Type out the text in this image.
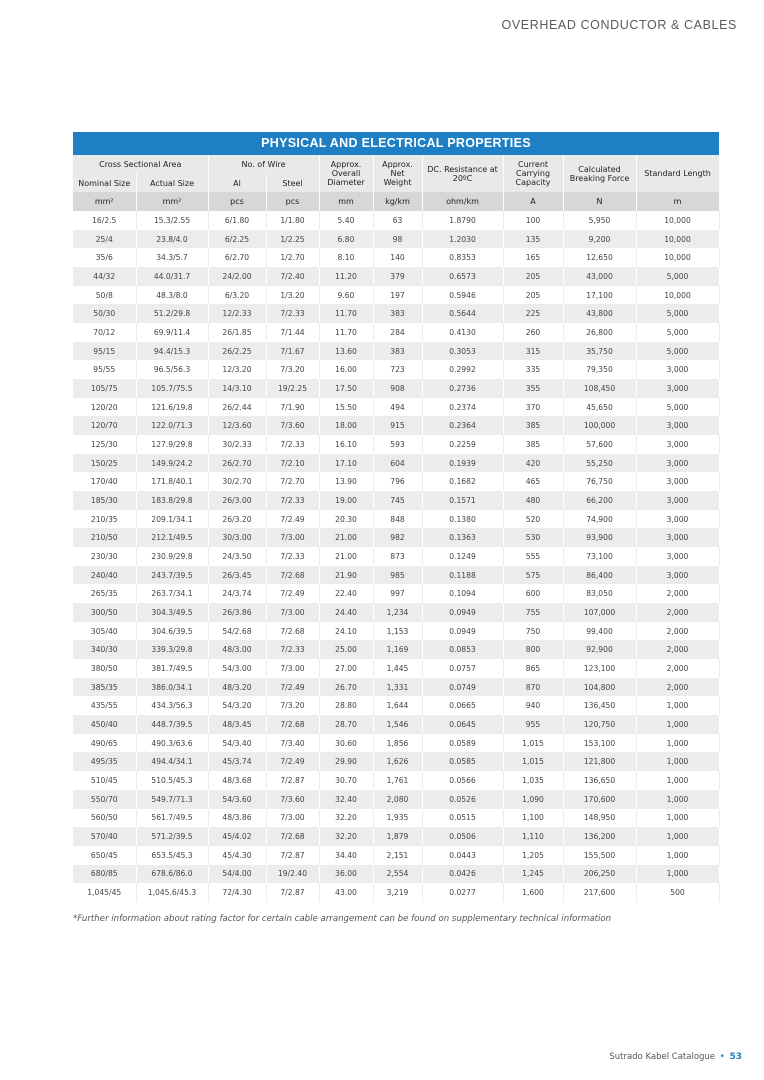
OVERHEAD CONDUCTOR & CABLES
PHYSICAL AND ELECTRICAL PROPERTIES
Cross Sectional Area		No. of Wire		Approx. Overall Diameter	Approx. Net Weight	DC. Resistance at 20ºC	Current Carrying Capacity	Calculated Breaking Force	Standard Length
Nominal Size	Actual Size	Al	Steel						
mm²	mm²	pcs	pcs	mm	kg/km	ohm/km	A	N	m
16/2.5	15.3/2.55	6/1.80	1/1.80	5.40	63	1.8790	100	5,950	10,000
25/4	23.8/4.0	6/2.25	1/2.25	6.80	98	1.2030	135	9,200	10,000
35/6	34.3/5.7	6/2.70	1/2.70	8.10	140	0.8353	165	12,650	10,000
44/32	44.0/31.7	24/2.00	7/2.40	11.20	379	0.6573	205	43,000	5,000
50/8	48.3/8.0	6/3.20	1/3.20	9.60	197	0.5946	205	17,100	10,000
50/30	51.2/29.8	12/2.33	7/2.33	11.70	383	0.5644	225	43,800	5,000
70/12	69.9/11.4	26/1.85	7/1.44	11.70	284	0.4130	260	26,800	5,000
95/15	94.4/15.3	26/2.25	7/1.67	13.60	383	0.3053	315	35,750	5,000
95/55	96.5/56.3	12/3.20	7/3.20	16.00	723	0.2992	335	79,350	3,000
105/75	105.7/75.5	14/3.10	19/2.25	17.50	908	0.2736	355	108,450	3,000
120/20	121.6/19.8	26/2.44	7/1.90	15.50	494	0.2374	370	45,650	5,000
120/70	122.0/71.3	12/3.60	7/3.60	18.00	915	0.2364	385	100,000	3,000
125/30	127.9/29.8	30/2.33	7/2.33	16.10	593	0.2259	385	57,600	3,000
150/25	149.9/24.2	26/2.70	7/2.10	17.10	604	0.1939	420	55,250	3,000
170/40	171.8/40.1	30/2.70	7/2.70	13.90	796	0.1682	465	76,750	3,000
185/30	183.8/29.8	26/3.00	7/2.33	19.00	745	0.1571	480	66,200	3,000
210/35	209.1/34.1	26/3.20	7/2.49	20.30	848	0.1380	520	74,900	3,000
210/50	212.1/49.5	30/3.00	7/3.00	21.00	982	0.1363	530	93,900	3,000
230/30	230.9/29.8	24/3.50	7/2.33	21.00	873	0.1249	555	73,100	3,000
240/40	243.7/39.5	26/3.45	7/2.68	21.90	985	0.1188	575	86,400	3,000
265/35	263.7/34.1	24/3.74	7/2.49	22.40	997	0.1094	600	83,050	2,000
300/50	304.3/49.5	26/3.86	7/3.00	24.40	1,234	0.0949	755	107,000	2,000
305/40	304.6/39.5	54/2.68	7/2.68	24.10	1,153	0.0949	750	99,400	2,000
340/30	339.3/29.8	48/3.00	7/2.33	25.00	1,169	0.0853	800	92,900	2,000
380/50	381.7/49.5	54/3.00	7/3.00	27.00	1,445	0.0757	865	123,100	2,000
385/35	386.0/34.1	48/3.20	7/2.49	26.70	1,331	0.0749	870	104,800	2,000
435/55	434.3/56.3	54/3.20	7/3.20	28.80	1,644	0.0665	940	136,450	1,000
450/40	448.7/39.5	48/3.45	7/2.68	28.70	1,546	0.0645	955	120,750	1,000
490/65	490.3/63.6	54/3.40	7/3.40	30.60	1,856	0.0589	1,015	153,100	1,000
495/35	494.4/34.1	45/3.74	7/2.49	29.90	1,626	0.0585	1,015	121,800	1,000
510/45	510.5/45.3	48/3.68	7/2.87	30.70	1,761	0.0566	1,035	136,650	1,000
550/70	549.7/71.3	54/3.60	7/3.60	32.40	2,080	0.0526	1,090	170,600	1,000
560/50	561.7/49.5	48/3.86	7/3.00	32.20	1,935	0.0515	1,100	148,950	1,000
570/40	571.2/39.5	45/4.02	7/2.68	32.20	1,879	0.0506	1,110	136,200	1,000
650/45	653.5/45.3	45/4.30	7/2.87	34.40	2,151	0.0443	1,205	155,500	1,000
680/85	678.6/86.0	54/4.00	19/2.40	36.00	2,554	0.0426	1,245	206,250	1,000
1,045/45	1,045.6/45.3	72/4.30	7/2.87	43.00	3,219	0.0277	1,600	217,600	500
*Further information about rating factor for certain cable arrangement can be found on supplementary technical information
Sutrado Kabel Catalogue • 53
